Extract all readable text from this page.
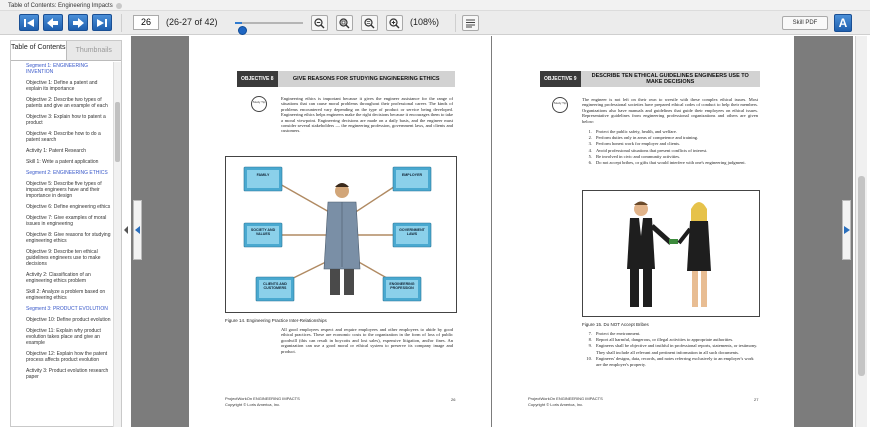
Table of Contents: Engineering Impacts
26	(26-27 of 42)	(108%)	Skill PDF	A
Table of Contents	Thumbnails
Segment 1: ENGINEERING INVENTION
Objective 1: Define a patent and explain its importance
Objective 2: Describe two types of patents and give an example of each
Objective 3: Explain how to patent a product
Objective 4: Describe how to do a patent search
Activity 1: Patent Research
Skill 1: Write a patent application
Segment 2: ENGINEERING ETHICS
Objective 5: Describe five types of impacts engineers have and their importance in design
Objective 6: Define engineering ethics
Objective 7: Give examples of moral issues in engineering
Objective 8: Give reasons for studying engineering ethics
Objective 9: Describe ten ethical guidelines engineers use to make decisions
Activity 2: Classification of an engineering ethics problem
Skill 2: Analyze a problem based on engineering ethics
Segment 3: PRODUCT EVOLUTION
Objective 10: Define product evolution
Objective 11: Explain why product evolution takes place and give an example
Objective 12: Explain how the patent process affects product evolution
Activity 3: Product evolution research paper
OBJECTIVE 8	GIVE REASONS FOR STUDYING ENGINEERING ETHICS
Study Tip
Engineering ethics is important because it gives the engineer assistance for the range of situations that can cause moral problems throughout their professional career. The kinds of problems encountered vary depending on the type of product or service being developed. Engineering ethics helps engineers make the right decisions because it encourages them to take a moral viewpoint. Engineering decisions are made on a daily basis, and the engineer must consider several stakeholders — the engineering profession, government laws, and clients and customers.
FAMILY	EMPLOYER
SOCIETY AND VALUES
GOVERNMENT LAWS
CLIENTS AND CUSTOMERS
ENGINEERING PROFESSION
Figure 14. Engineering Practice Inter-Relationships
All good employees respect and require employees and other employees to abide by good ethical practices. These are economic costs to the organization in the form of loss of public goodwill (this can result in boycotts and lost sales), expensive litigation, and/or fines. An organization can use a good moral or ethical system to preserve its company image and product.
ProjectWorkOn ENGINEERING IMPACTS
Copyright © Loris America, Inc.
26
OBJECTIVE 9	DESCRIBE TEN ETHICAL GUIDELINES ENGINEERS USE TO MAKE DECISIONS
Study Tip
The engineer is not left on their own to wrestle with these complex ethical issues. Most engineering professional societies have prepared ethical codes of conduct to help their members. Organizations also have manuals and guidelines that guide their employees on ethical issues. Representative guidelines from engineering professional organizations and others are given below:
1. Protect the public safety, health, and welfare.
2. Perform duties only in areas of competence and training.
3. Perform honest work for employer and clients.
4. Avoid professional situations that present conflicts of interest.
5. Be involved in civic and community activities.
6. Do not accept bribes, or gifts that would interfere with one's engineering judgment.
Figure 15. Do NOT Accept Bribes
7. Protect the environment.
8. Report all harmful, dangerous, or illegal activities to appropriate authorities.
9. Engineers shall be objective and truthful in professional reports, statements, or testimony. They shall include all relevant and pertinent information in all such documents.
10. Engineers' designs, data, records, and notes referring exclusively to an employer's work are the employer's property.
ProjectWorkOn ENGINEERING IMPACTS
Copyright © Loris America, Inc.
27
